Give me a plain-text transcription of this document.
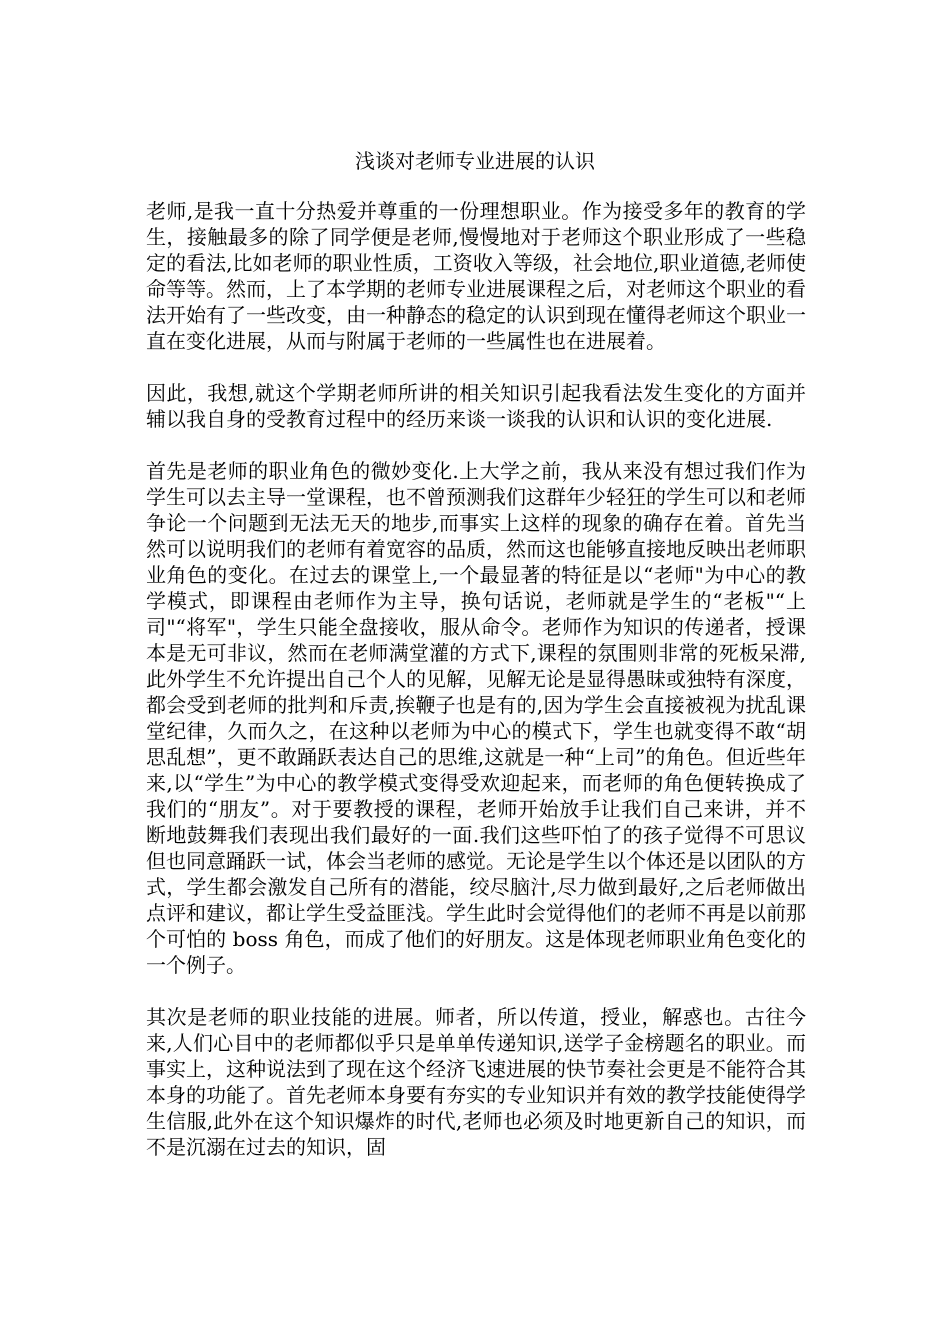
浅谈对老师专业进展的认识

老师,是我一直十分热爱并尊重的一份理想职业。作为接受多年的教育的学生，接触最多的除了同学便是老师,慢慢地对于老师这个职业形成了一些稳定的看法,比如老师的职业性质，工资收入等级，社会地位,职业道德,老师使命等等。然而，上了本学期的老师专业进展课程之后，对老师这个职业的看法开始有了一些改变，由一种静态的稳定的认识到现在懂得老师这个职业一直在变化进展，从而与附属于老师的一些属性也在进展着。

因此，我想,就这个学期老师所讲的相关知识引起我看法发生变化的方面并辅以我自身的受教育过程中的经历来谈一谈我的认识和认识的变化进展.

首先是老师的职业角色的微妙变化.上大学之前，我从来没有想过我们作为学生可以去主导一堂课程，也不曾预测我们这群年少轻狂的学生可以和老师争论一个问题到无法无天的地步,而事实上这样的现象的确存在着。首先当然可以说明我们的老师有着宽容的品质，然而这也能够直接地反映出老师职业角色的变化。在过去的课堂上,一个最显著的特征是以“老师"为中心的教学模式，即课程由老师作为主导，换句话说，老师就是学生的“老板"“上司"“将军"，学生只能全盘接收，服从命令。老师作为知识的传递者，授课本是无可非议，然而在老师满堂灌的方式下,课程的氛围则非常的死板呆滞,此外学生不允许提出自己个人的见解，见解无论是显得愚昧或独特有深度，都会受到老师的批判和斥责,挨鞭子也是有的,因为学生会直接被视为扰乱课堂纪律，久而久之，在这种以老师为中心的模式下，学生也就变得不敢“胡思乱想”，更不敢踊跃表达自己的思维,这就是一种“上司”的角色。但近些年来,以“学生”为中心的教学模式变得受欢迎起来，而老师的角色便转换成了我们的“朋友”。对于要教授的课程，老师开始放手让我们自己来讲，并不断地鼓舞我们表现出我们最好的一面.我们这些吓怕了的孩子觉得不可思议但也同意踊跃一试，体会当老师的感觉。无论是学生以个体还是以团队的方式，学生都会激发自己所有的潜能，绞尽脑汁,尽力做到最好,之后老师做出点评和建议，都让学生受益匪浅。学生此时会觉得他们的老师不再是以前那个可怕的 boss 角色，而成了他们的好朋友。这是体现老师职业角色变化的一个例子。

其次是老师的职业技能的进展。师者，所以传道，授业，解惑也。古往今来,人们心目中的老师都似乎只是单单传递知识,送学子金榜题名的职业。而事实上，这种说法到了现在这个经济飞速进展的快节奏社会更是不能符合其本身的功能了。首先老师本身要有夯实的专业知识并有效的教学技能使得学生信服,此外在这个知识爆炸的时代,老师也必须及时地更新自己的知识，而不是沉溺在过去的知识，固
